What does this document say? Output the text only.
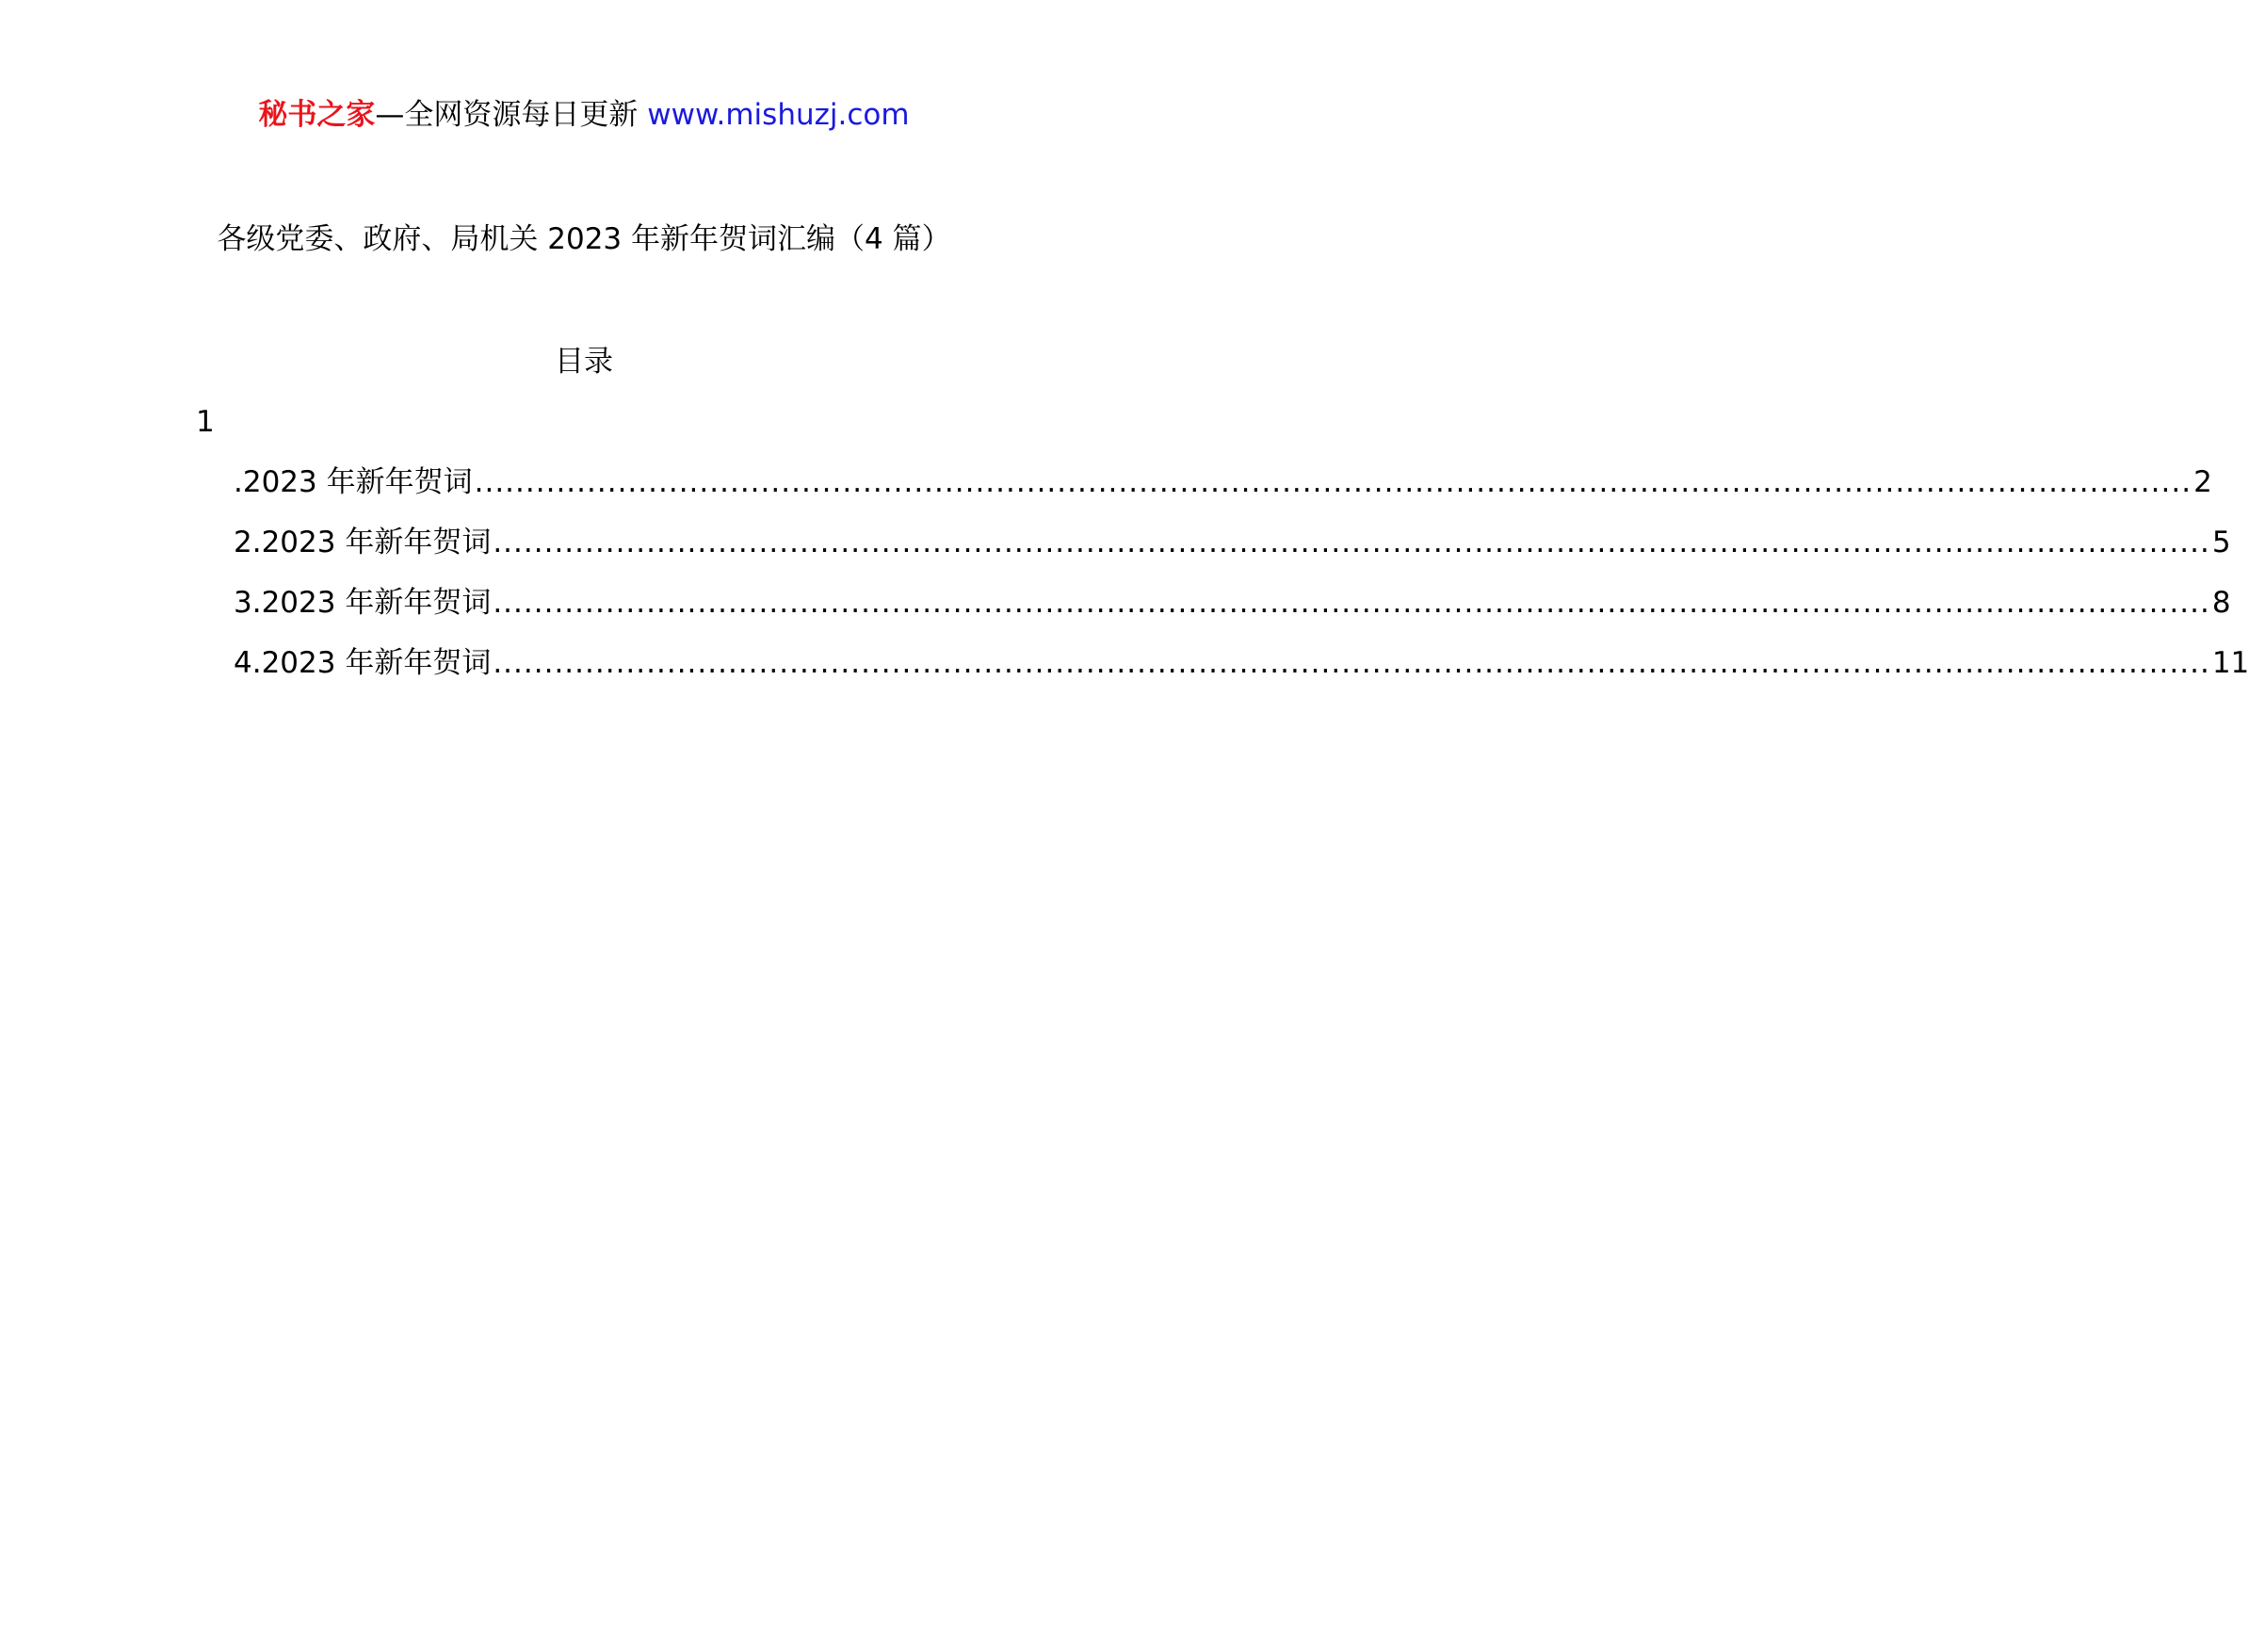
秘书之家—全网资源每日更新 www.mishuzj.com
各级党委、政府、局机关 2023 年新年贺词汇编（4 篇）
目录
1
.2023 年新年贺词 ........................................................................................................................................................................ 2
2.2023 年新年贺词 ........................................................................................................................................................................ 5
3.2023 年新年贺词 ........................................................................................................................................................................ 8
4.2023 年新年贺词 ........................................................................................................................................................................ 11
